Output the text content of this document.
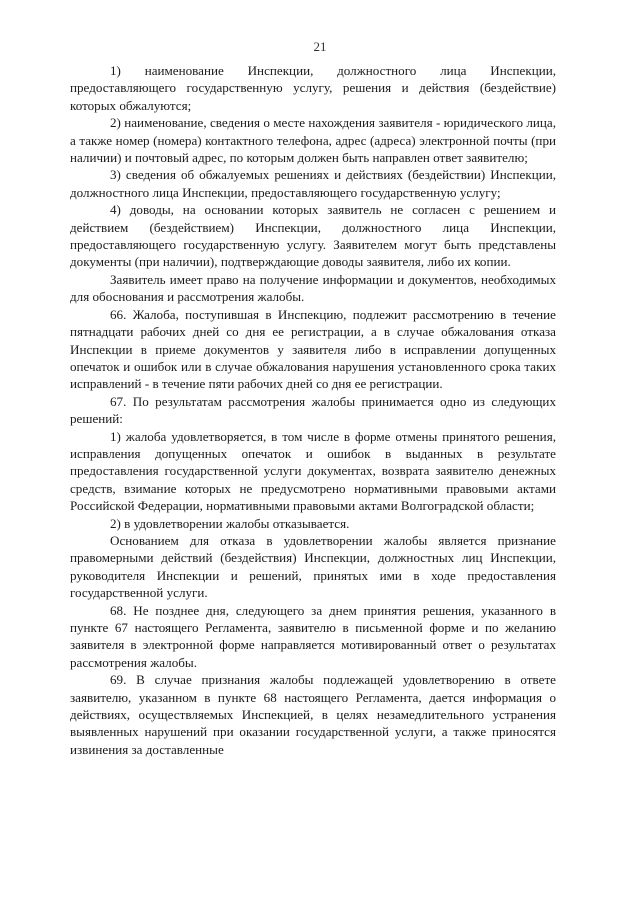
21

1) наименование Инспекции, должностного лица Инспекции, предоставляющего государственную услугу, решения и действия (бездействие) которых обжалуются;

2) наименование, сведения о месте нахождения заявителя - юридического лица, а также номер (номера) контактного телефона, адрес (адреса) электронной почты (при наличии) и почтовый адрес, по которым должен быть направлен ответ заявителю;

3) сведения об обжалуемых решениях и действиях (бездействии) Инспекции, должностного лица Инспекции, предоставляющего государственную услугу;

4) доводы, на основании которых заявитель не согласен с решением и действием (бездействием) Инспекции, должностного лица Инспекции, предоставляющего государственную услугу. Заявителем могут быть представлены документы (при наличии), подтверждающие доводы заявителя, либо их копии.

Заявитель имеет право на получение информации и документов, необходимых для обоснования и рассмотрения жалобы.

66. Жалоба, поступившая в Инспекцию, подлежит рассмотрению в течение пятнадцати рабочих дней со дня ее регистрации, а в случае обжалования отказа Инспекции в приеме документов у заявителя либо в исправлении допущенных опечаток и ошибок или в случае обжалования нарушения установленного срока таких исправлений - в течение пяти рабочих дней со дня ее регистрации.

67. По результатам рассмотрения жалобы принимается одно из следующих решений:

1) жалоба удовлетворяется, в том числе в форме отмены принятого решения, исправления допущенных опечаток и ошибок в выданных в результате предоставления государственной услуги документах, возврата заявителю денежных средств, взимание которых не предусмотрено нормативными правовыми актами Российской Федерации, нормативными правовыми актами Волгоградской области;

2) в удовлетворении жалобы отказывается.

Основанием для отказа в удовлетворении жалобы является признание правомерными действий (бездействия) Инспекции, должностных лиц Инспекции, руководителя Инспекции и решений, принятых ими в ходе предоставления государственной услуги.

68. Не позднее дня, следующего за днем принятия решения, указанного в пункте 67 настоящего Регламента, заявителю в письменной форме и по желанию заявителя в электронной форме направляется мотивированный ответ о результатах рассмотрения жалобы.

69. В случае признания жалобы подлежащей удовлетворению в ответе заявителю, указанном в пункте 68 настоящего Регламента, дается информация о действиях, осуществляемых Инспекцией, в целях незамедлительного устранения выявленных нарушений при оказании государственной услуги, а также приносятся извинения за доставленные
